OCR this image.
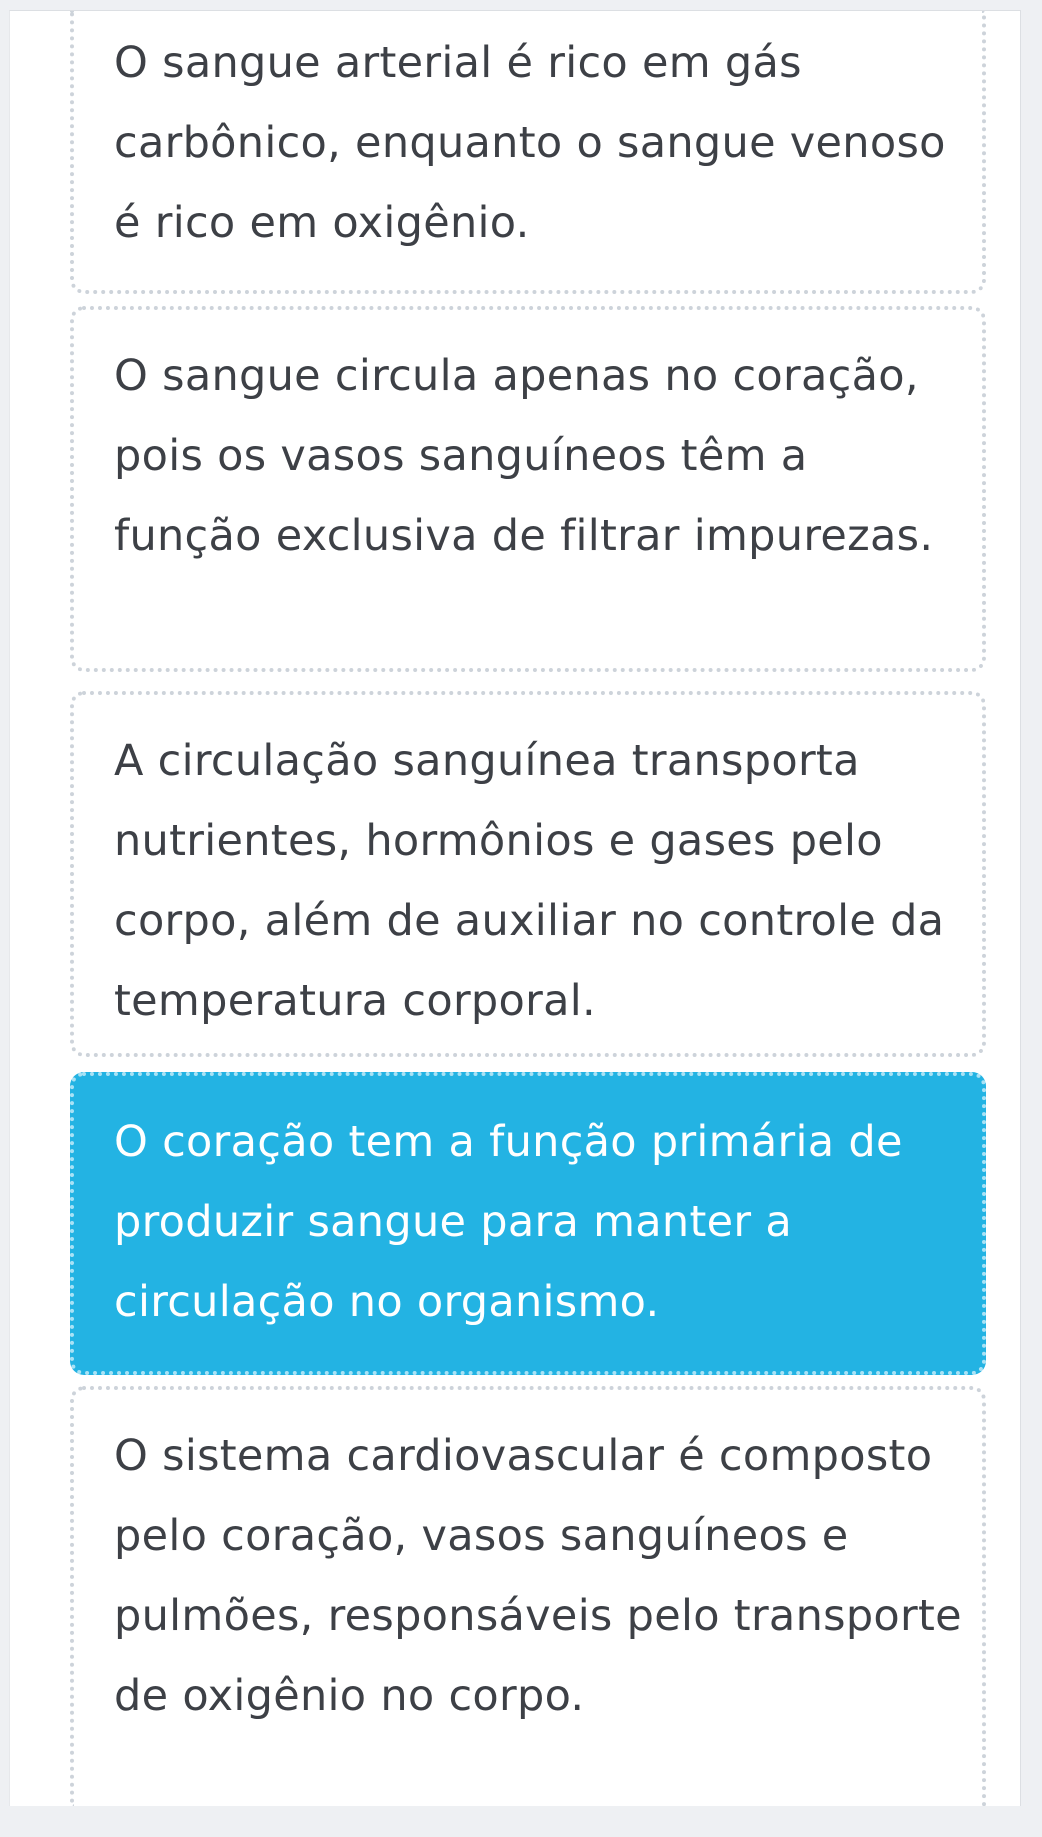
O sangue arterial é rico em gás carbônico, enquanto o sangue venoso é rico em oxigênio.
O sangue circula apenas no coração, pois os vasos sanguíneos têm a função exclusiva de filtrar impurezas.
A circulação sanguínea transporta nutrientes, hormônios e gases pelo corpo, além de auxiliar no controle da temperatura corporal.
O coração tem a função primária de produzir sangue para manter a circulação no organismo.
O sistema cardiovascular é composto pelo coração, vasos sanguíneos e pulmões, responsáveis pelo transporte de oxigênio no corpo.
